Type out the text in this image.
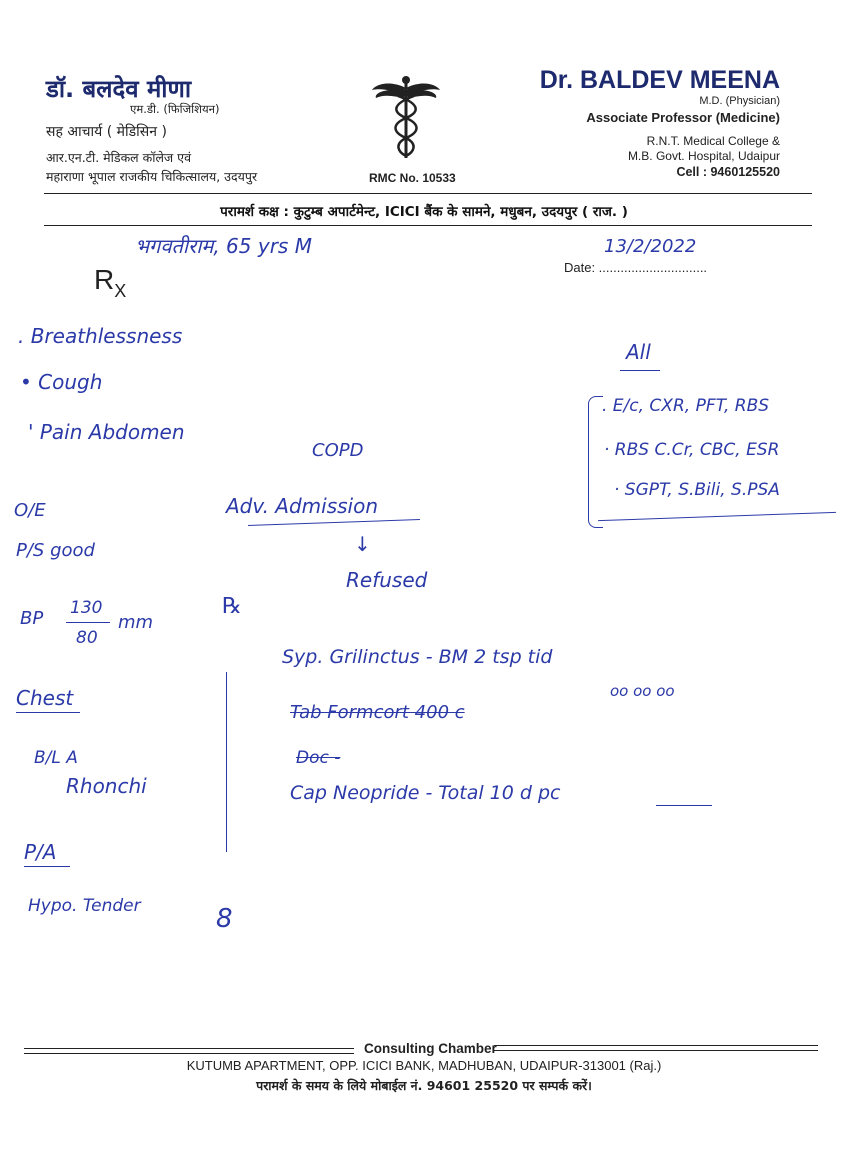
डॉ. बलदेव मीणा
एम.डी. (फिजिशियन)
सह आचार्य ( मेडिसिन )
आर.एन.टी. मेडिकल कॉलेज एवं
महाराणा भूपाल राजकीय चिकित्सालय, उदयपुर	RMC No. 10533
Dr. BALDEV MEENA
M.D. (Physician)
Associate Professor (Medicine)
R.N.T. Medical College &
M.B. Govt. Hospital, Udaipur
Cell : 9460125520
परामर्श कक्ष : कुटुम्ब अपार्टमेन्ट, ICICI बैंक के सामने, मधुबन, उदयपुर ( राज. )
Date: ..............................
$R_X$
भगवतीराम, 65 yrs M	13/2/2022
. Breathlessness
• Cough
' Pain Abdomen
COPD
O/E
P/S good
BP 130
80
mm
Adv. Admission
↓
Refused
℞
Chest
B/L A
Rhonchi
P/A
Hypo. Tender
All
. E/c, CXR, PFT, RBS
· RBS C.Cr, CBC, ESR
· SGPT, S.Bili, S.PSA
Syp. Grilinctus - BM 2 tsp tid
oo oo oo
Tab Formcort 400 c
Doc -
Cap Neopride - Total 10 d pc
8
Consulting Chamber
KUTUMB APARTMENT, OPP. ICICI BANK, MADHUBAN, UDAIPUR-313001 (Raj.)
परामर्श के समय के लिये मोबाईल नं. 94601 25520 पर सम्पर्क करें।
